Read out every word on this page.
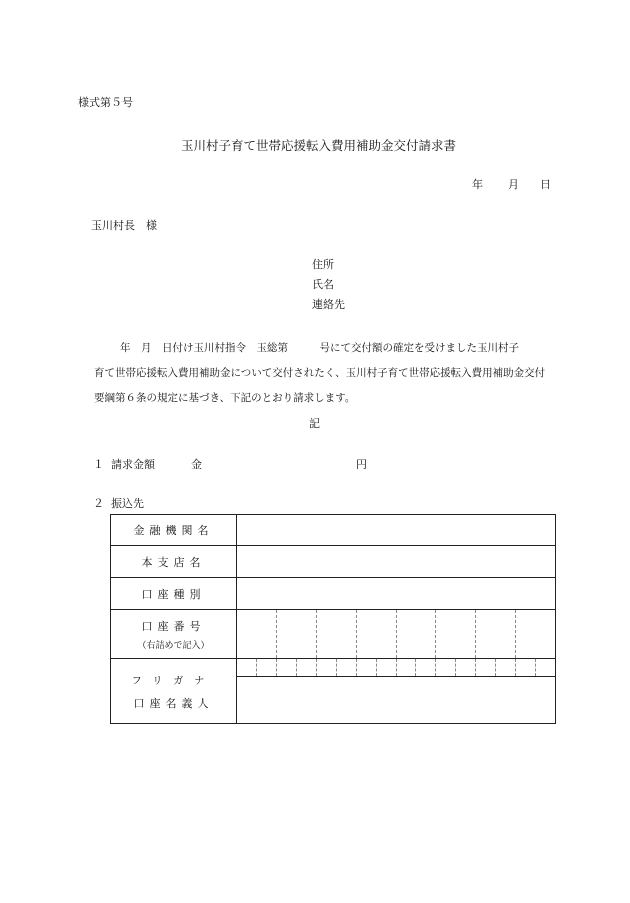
様式第５号
玉川村子育て世帯応援転入費用補助金交付請求書
年 月 日
玉川村長　様
住所
氏名
連絡先
年　月　日付け玉川村指令　玉総第　　　号にて交付額の確定を受けました玉川村子
育て世帯応援転入費用補助金について交付されたく、玉川村子育て世帯応援転入費用補助金交付
要綱第６条の規定に基づき、下記のとおり請求します。
記
１ 請求金額	金	円
２ 振込先
金融機関名	
本支店名	
口座種別	
口座番号
（右詰めで記入）	

フリガナ
口座名義人	
